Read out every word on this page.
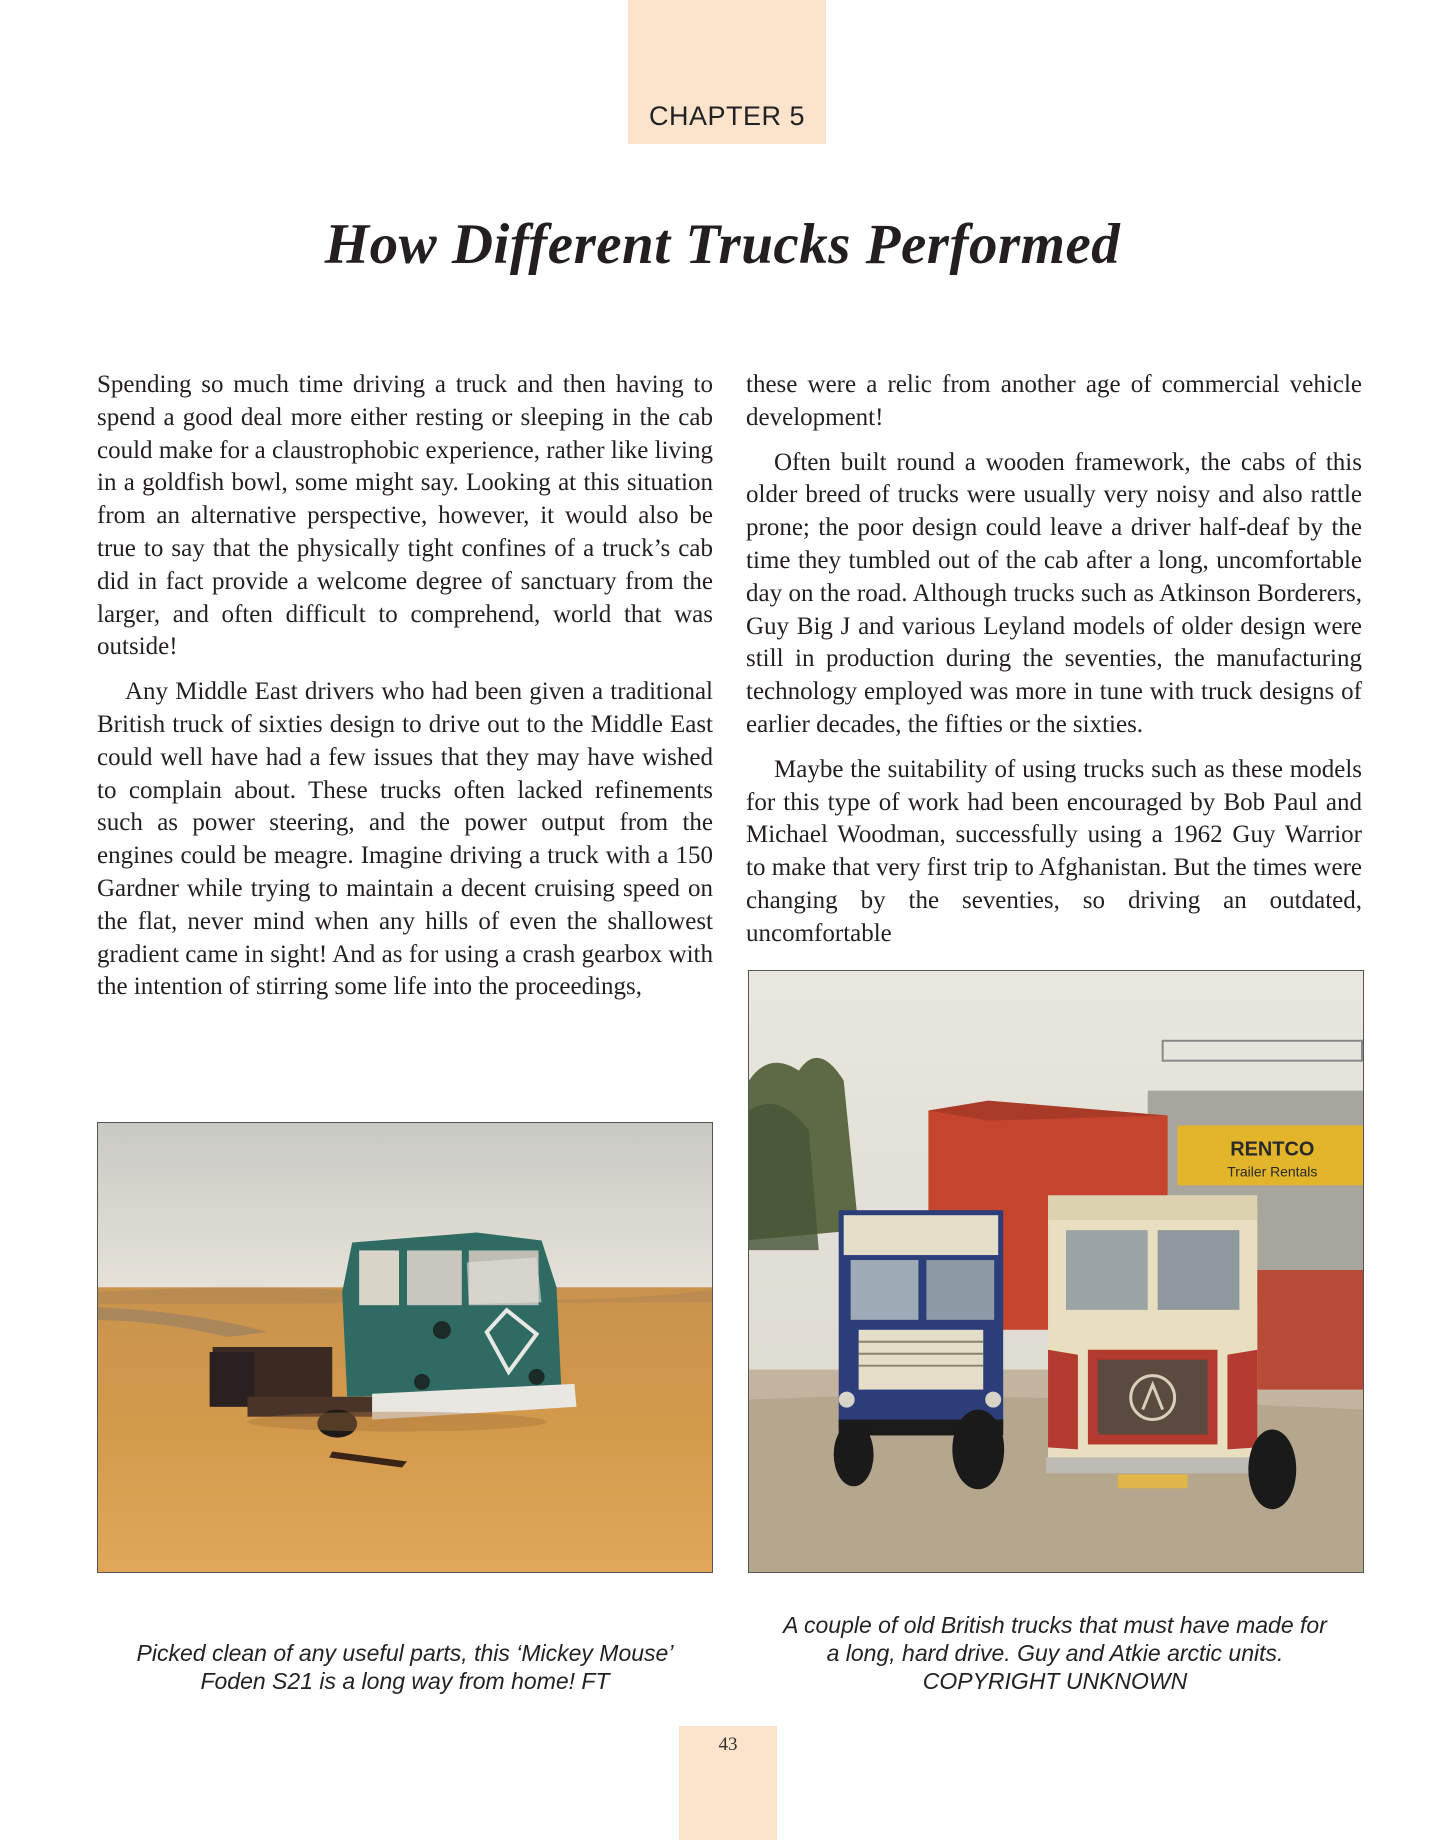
CHAPTER 5
How Different Trucks Performed

Spending so much time driving a truck and then having to spend a good deal more either resting or sleeping in the cab could make for a claustrophobic experience, rather like living in a goldfish bowl, some might say. Looking at this situation from an alternative perspective, however, it would also be true to say that the physically tight confines of a truck’s cab did in fact provide a welcome degree of sanctuary from the larger, and often difficult to comprehend, world that was outside!

Any Middle East drivers who had been given a traditional British truck of sixties design to drive out to the Middle East could well have had a few issues that they may have wished to complain about. These trucks often lacked refinements such as power steering, and the power output from the engines could be meagre. Imagine driving a truck with a 150 Gardner while trying to maintain a decent cruising speed on the flat, never mind when any hills of even the shallowest gradient came in sight! And as for using a crash gearbox with the intention of stirring some life into the proceedings,

these were a relic from another age of commercial vehicle development!

Often built round a wooden framework, the cabs of this older breed of trucks were usually very noisy and also rattle prone; the poor design could leave a driver half-deaf by the time they tumbled out of the cab after a long, uncomfortable day on the road. Although trucks such as Atkinson Borderers, Guy Big J and various Leyland models of older design were still in production during the seventies, the manufacturing technology employed was more in tune with truck designs of earlier decades, the fifties or the sixties.

Maybe the suitability of using trucks such as these models for this type of work had been encouraged by Bob Paul and Michael Woodman, successfully using a 1962 Guy Warrior to make that very first trip to Afghanistan. But the times were changing by the seventies, so driving an outdated, uncomfortable

RENTCO
Trailer Rentals

Picked clean of any useful parts, this ‘Mickey Mouse’ Foden S21 is a long way from home! FT

A couple of old British trucks that must have made for a long, hard drive. Guy and Atkie arctic units. COPYRIGHT UNKNOWN

43
